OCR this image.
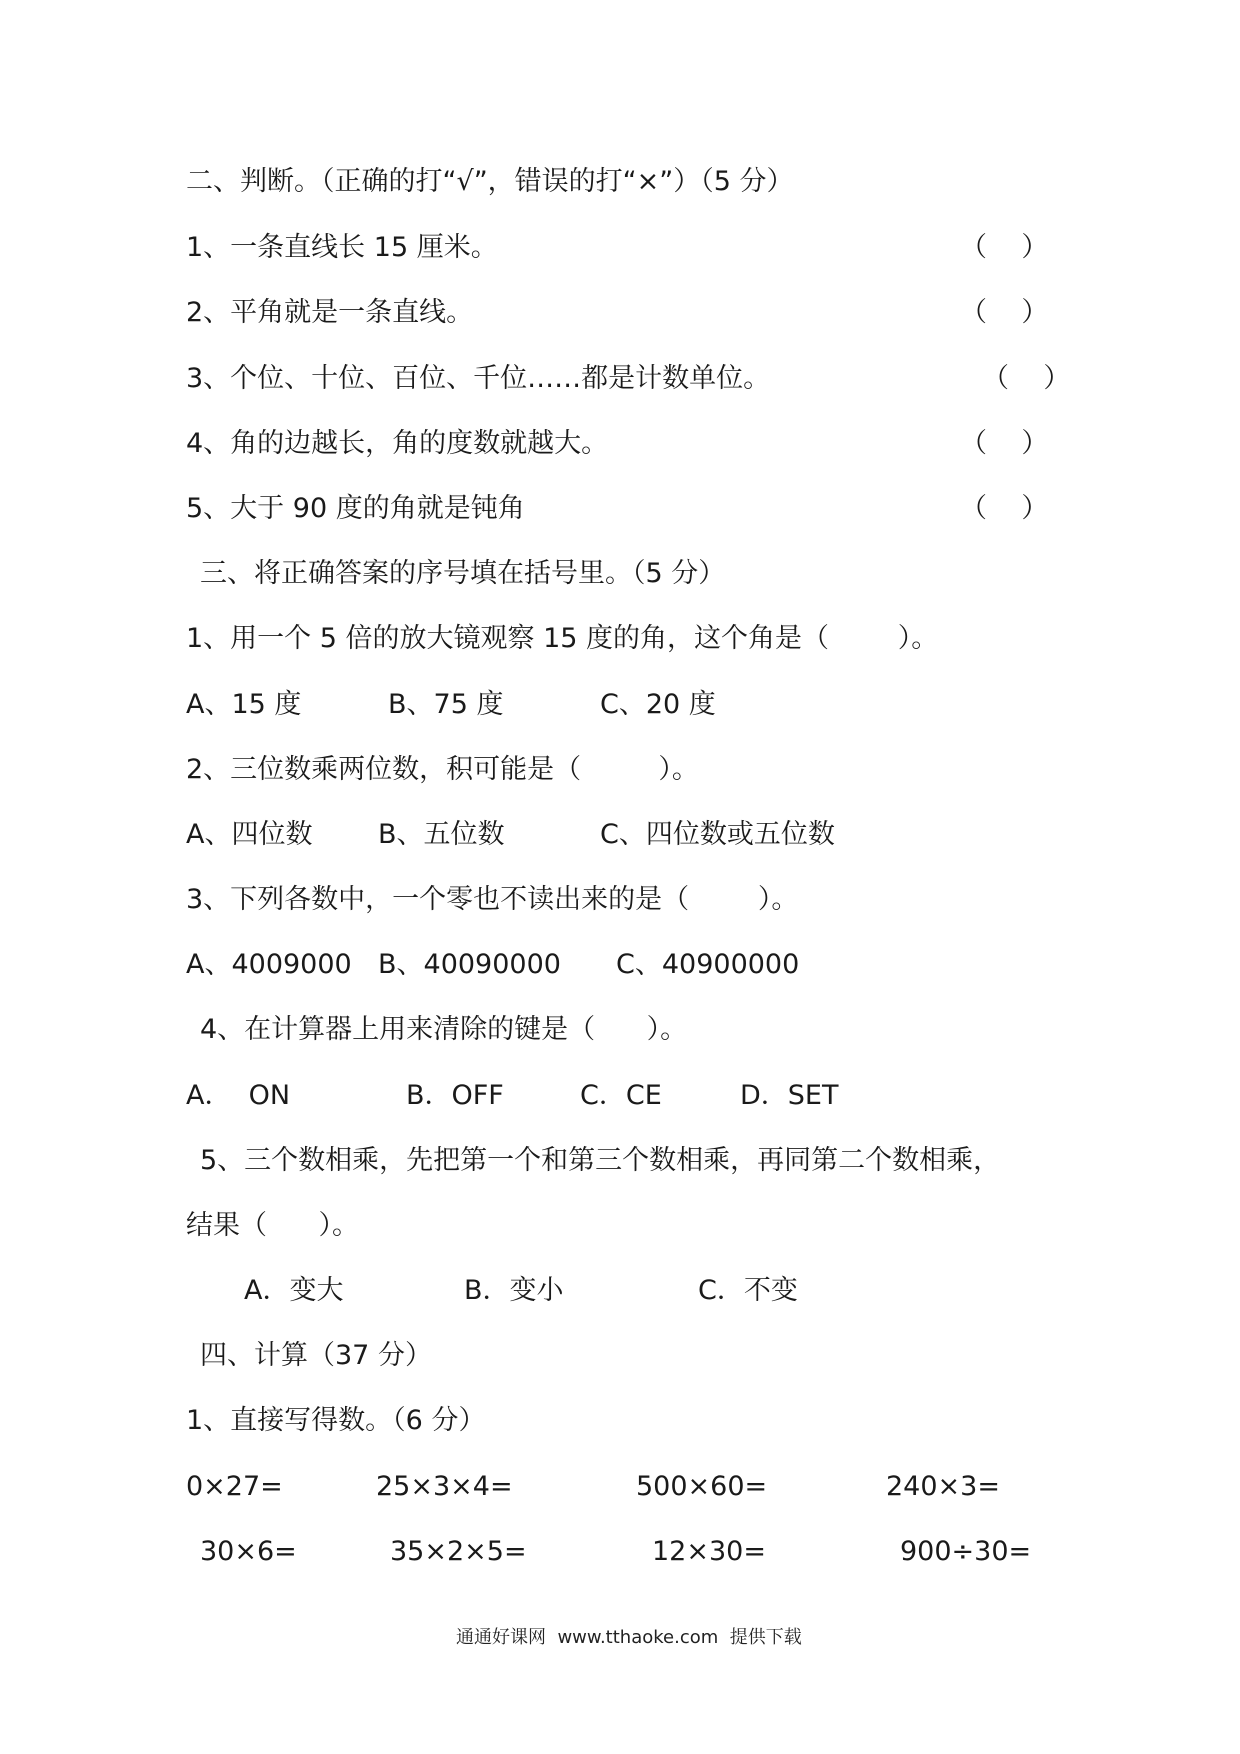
二、判断。（正确的打“√”，错误的打“×”）（5 分）
1、一条直线长 15 厘米。	（    ）
2、平角就是一条直线。	（    ）
3、个位、十位、百位、千位……都是计数单位。	（    ）
4、角的边越长，角的度数就越大。	（    ）
5、大于 90 度的角就是钝角	（    ）
三、将正确答案的序号填在括号里。（5 分）
1、用一个 5 倍的放大镜观察 15 度的角，这个角是（        ）。
A、15 度	B、75 度	C、20 度
2、三位数乘两位数，积可能是（         ）。
A、四位数 B、五位数	C、四位数或五位数
3、下列各数中，一个零也不读出来的是（        ）。
A、4009000 B、40090000 C、40900000
4、在计算器上用来清除的键是（      ）。
A．  ON	B．OFF	C．CE	D．SET
5、三个数相乘，先把第一个和第三个数相乘，再同第二个数相乘，
结果（      ）。
A．变大	B．变小	C．不变
四、计算（37 分）
1、直接写得数。（6 分）
0×27=	25×3×4=	500×60=	240×3=
30×6=	35×2×5=	12×30=	900÷30=
通通好课网  www.tthaoke.com  提供下载
